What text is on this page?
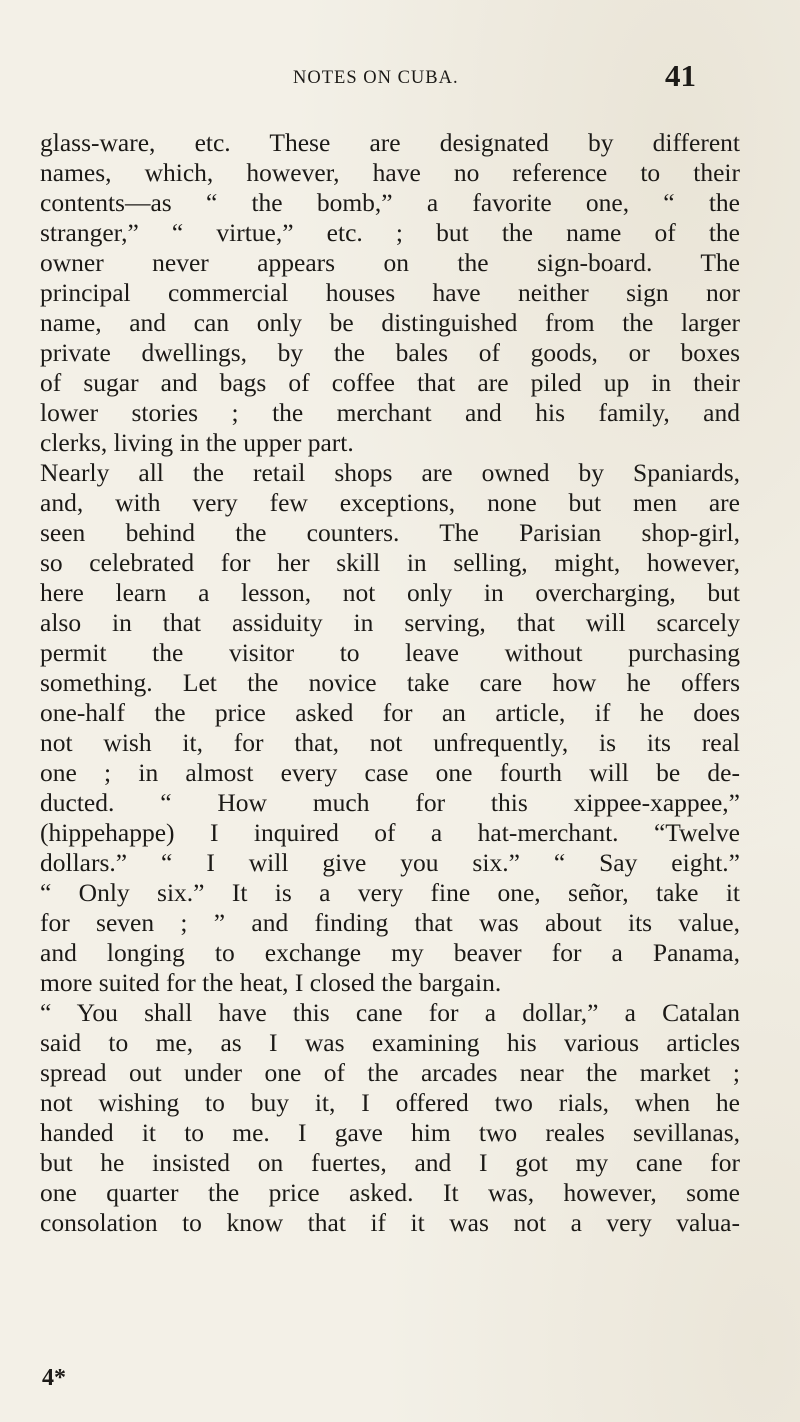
NOTES ON CUBA.	41
glass-ware, etc. These are designated by different
names, which, however, have no reference to their
contents—as “ the bomb,” a favorite one, “ the
stranger,” “ virtue,” etc. ; but the name of the
owner never appears on the sign-board. The
principal commercial houses have neither sign nor
name, and can only be distinguished from the larger
private dwellings, by the bales of goods, or boxes
of sugar and bags of coffee that are piled up in their
lower stories ; the merchant and his family, and
clerks, living in the upper part.
Nearly all the retail shops are owned by Spaniards,
and, with very few exceptions, none but men are
seen behind the counters. The Parisian shop-girl,
so celebrated for her skill in selling, might, however,
here learn a lesson, not only in overcharging, but
also in that assiduity in serving, that will scarcely
permit the visitor to leave without purchasing
something. Let the novice take care how he offers
one-half the price asked for an article, if he does
not wish it, for that, not unfrequently, is its real
one ; in almost every case one fourth will be de-
ducted. “ How much for this xippee-xappee,”
(hippehappe) I inquired of a hat-merchant. “Twelve
dollars.” “ I will give you six.” “ Say eight.”
“ Only six.” It is a very fine one, señor, take it
for seven ; ” and finding that was about its value,
and longing to exchange my beaver for a Panama,
more suited for the heat, I closed the bargain.
“ You shall have this cane for a dollar,” a Catalan
said to me, as I was examining his various articles
spread out under one of the arcades near the market ;
not wishing to buy it, I offered two rials, when he
handed it to me. I gave him two reales sevillanas,
but he insisted on fuertes, and I got my cane for
one quarter the price asked. It was, however, some
consolation to know that if it was not a very valua-
4*
